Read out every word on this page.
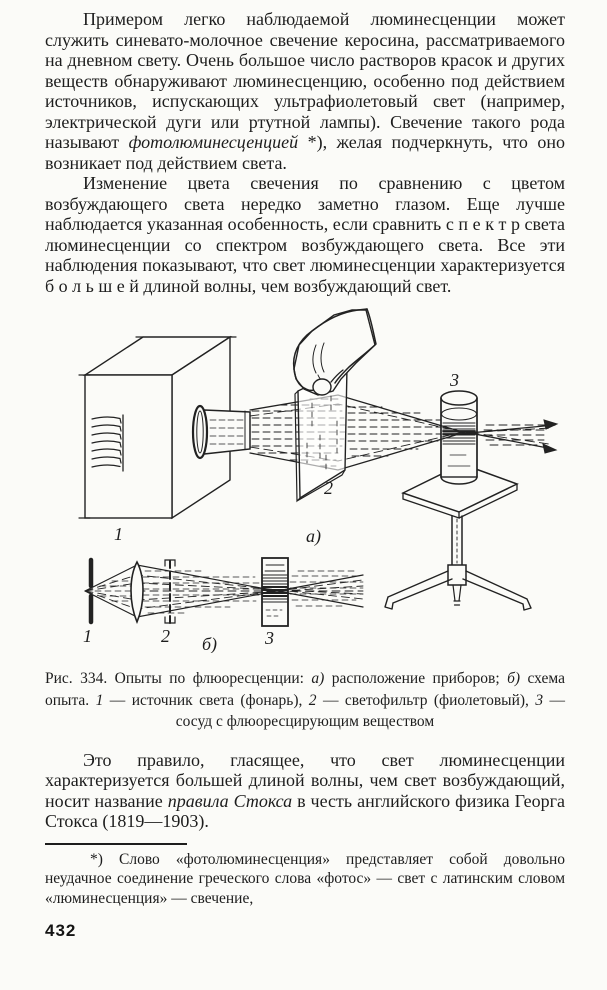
Примером легко наблюдаемой люминесценции может служить синевато-молочное свечение керосина, рассматриваемого на дневном свету. Очень большое число растворов красок и других веществ обнаруживают люминесценцию, особенно под действием источников, испускающих ультрафиолетовый свет (например, электрической дуги или ртутной лампы). Свечение такого рода называют фотолюминесценцией *), желая подчеркнуть, что оно возникает под действием света.

Изменение цвета свечения по сравнению с цветом возбуждающего света нередко заметно глазом. Еще лучше наблюдается указанная особенность, если сравнить с п е к т р света люминесценции со спектром возбуждающего света. Все эти наблюдения показывают, что свет люминесценции характеризуется б о л ь ш е й длиной волны, чем возбуждающий свет.

1
2
3
а)
1	2	3
б)

Рис. 334. Опыты по флюоресценции: а) расположение приборов; б) схема опыта. 1 — источник света (фонарь), 2 — светофильтр (фиолетовый), 3 — сосуд с флюоресцирующим веществом

Это правило, гласящее, что свет люминесценции характеризуется большей длиной волны, чем свет возбуждающий, носит название правила Стокса в честь английского физика Георга Стокса (1819—1903).

*) Слово «фотолюминесценция» представляет собой довольно неудачное соединение греческого слова «фотос» — свет с латинским словом «люминесценция» — свечение,

432
